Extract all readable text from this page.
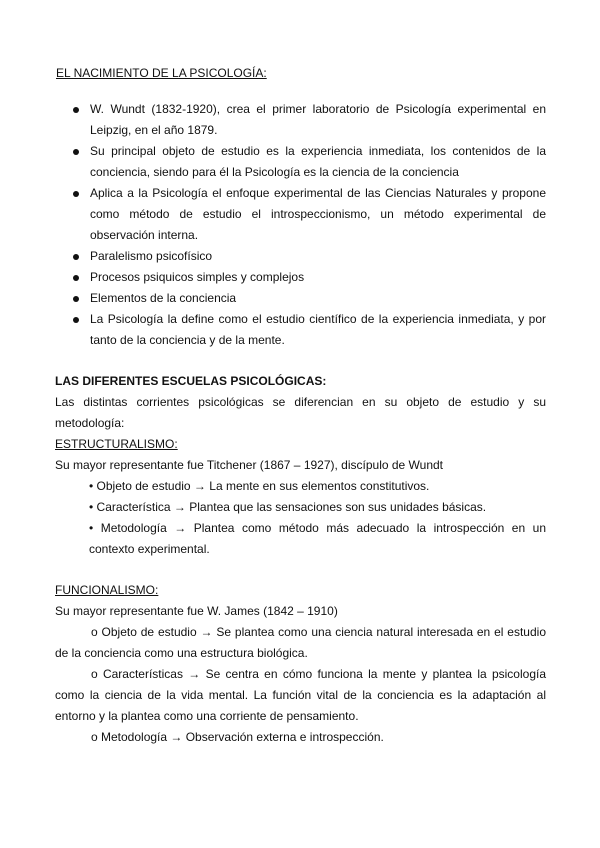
EL NACIMIENTO DE LA PSICOLOGÍA:
W. Wundt (1832-1920), crea el primer laboratorio de Psicología experimental en Leipzig, en el año 1879.
Su principal objeto de estudio es la experiencia inmediata, los contenidos de la conciencia, siendo para él la Psicología es la ciencia de la conciencia
Aplica a la Psicología el enfoque experimental de las Ciencias Naturales y propone como método de estudio el introspeccionismo, un método experimental de observación interna.
Paralelismo psicofísico
Procesos psiquicos simples y complejos
Elementos de la conciencia
La Psicología la define como el estudio científico de la experiencia inmediata, y por tanto de la conciencia y de la mente.
LAS DIFERENTES ESCUELAS PSICOLÓGICAS:
Las distintas corrientes psicológicas se diferencian en su objeto de estudio y su metodología:
ESTRUCTURALISMO:
Su mayor representante fue Titchener (1867 – 1927), discípulo de Wundt
• Objeto de estudio → La mente en sus elementos constitutivos.
• Característica → Plantea que las sensaciones son sus unidades básicas.
• Metodología → Plantea como método más adecuado la introspección en un contexto experimental.
FUNCIONALISMO:
Su mayor representante fue W. James (1842 – 1910)
o Objeto de estudio → Se plantea como una ciencia natural interesada en el estudio de la conciencia como una estructura biológica.
o Características → Se centra en cómo funciona la mente y plantea la psicología como la ciencia de la vida mental. La función vital de la conciencia es la adaptación al entorno y la plantea como una corriente de pensamiento.
o Metodología → Observación externa e introspección.
